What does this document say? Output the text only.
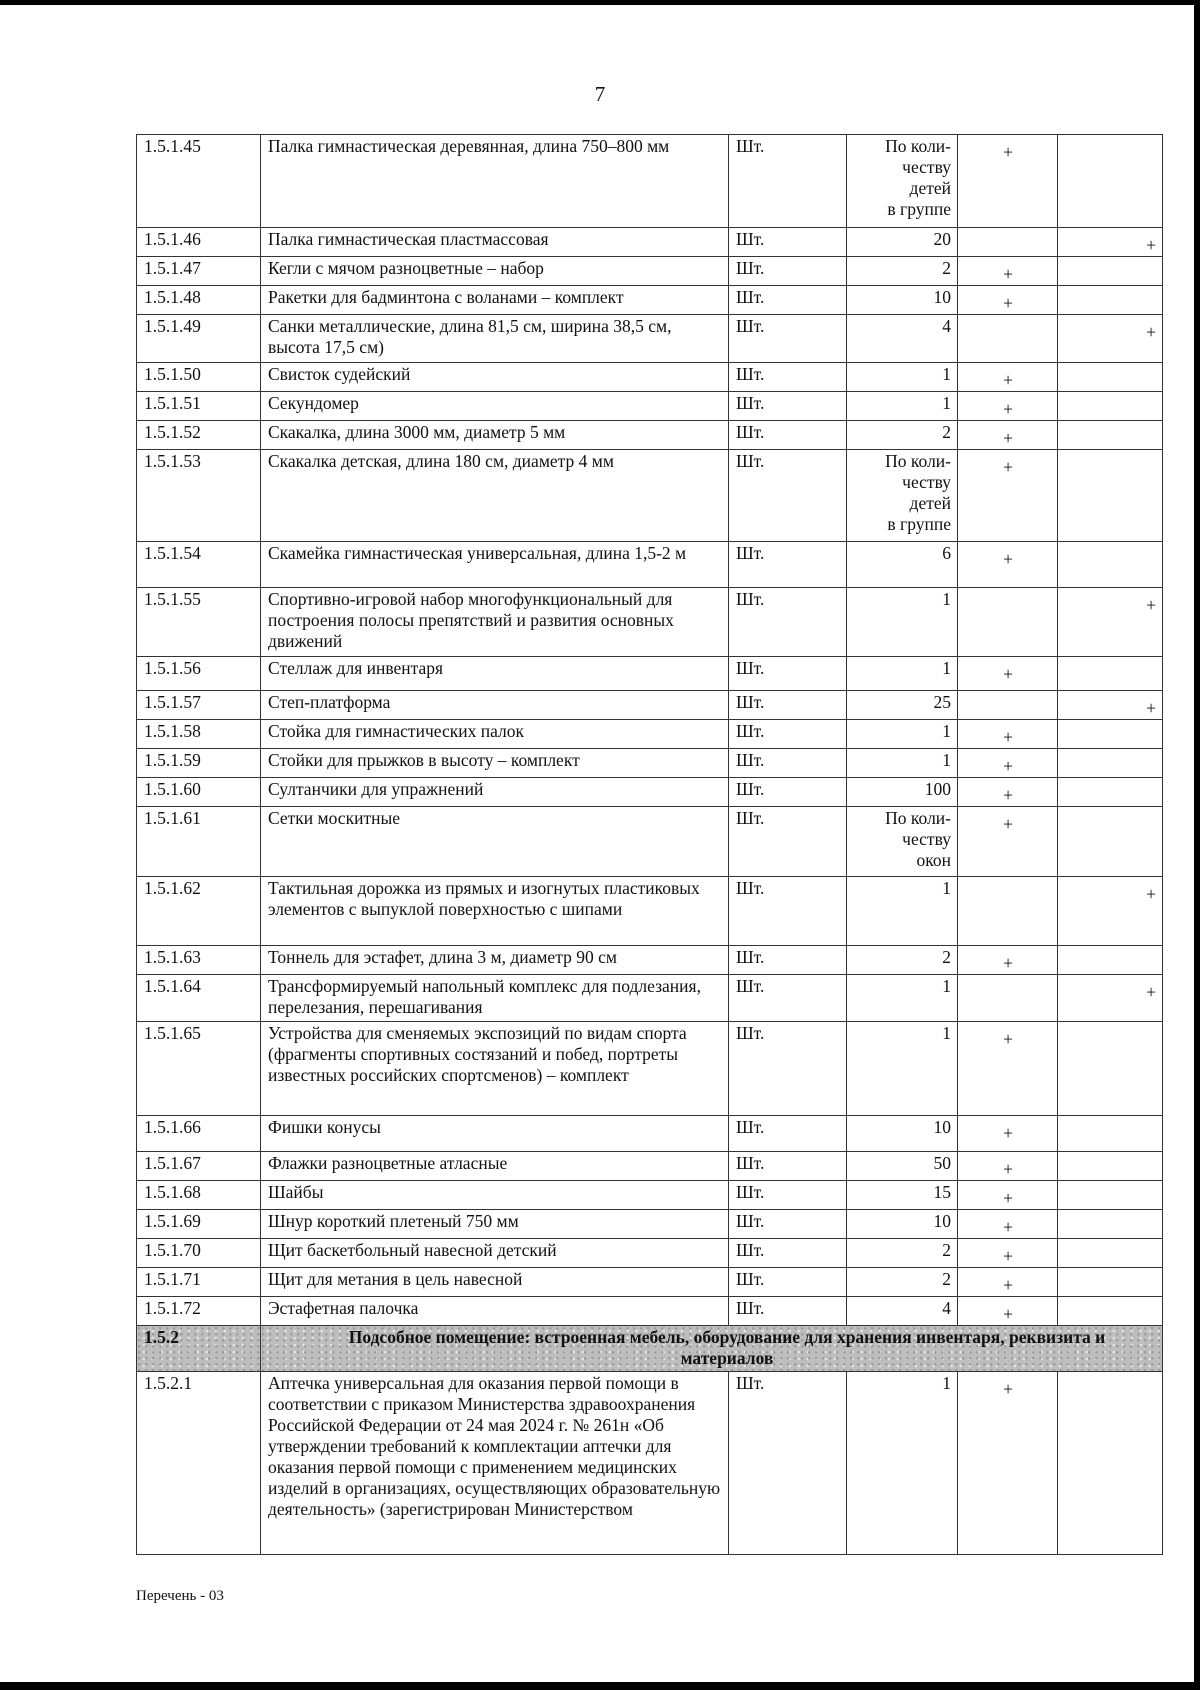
7
1.5.1.45	Палка гимнастическая деревянная, длина 750–800 мм	Шт.	По коли-
честву
детей
в группе	+	
1.5.1.46	Палка гимнастическая пластмассовая	Шт.	20		+
1.5.1.47	Кегли с мячом разноцветные – набор	Шт.	2	+	
1.5.1.48	Ракетки для бадминтона с воланами – комплект	Шт.	10	+	
1.5.1.49	Санки металлические, длина 81,5 см, ширина 38,5 см, высота 17,5 см)	Шт.	4		+
1.5.1.50	Свисток судейский	Шт.	1	+	
1.5.1.51	Секундомер	Шт.	1	+	
1.5.1.52	Скакалка, длина 3000 мм, диаметр 5 мм	Шт.	2	+	
1.5.1.53	Скакалка детская, длина 180 см, диаметр 4 мм	Шт.	По коли-
честву
детей
в группе	+	
1.5.1.54	Скамейка гимнастическая универсальная, длина 1,5-2 м	Шт.	6	+	
1.5.1.55	Спортивно-игровой набор многофункциональный для построения полосы препятствий и развития основных движений	Шт.	1		+
1.5.1.56	Стеллаж для инвентаря	Шт.	1	+	
1.5.1.57	Степ-платформа	Шт.	25		+
1.5.1.58	Стойка для гимнастических палок	Шт.	1	+	
1.5.1.59	Стойки для прыжков в высоту – комплект	Шт.	1	+	
1.5.1.60	Султанчики для упражнений	Шт.	100	+	
1.5.1.61	Сетки москитные	Шт.	По коли-
честву
окон	+	
1.5.1.62	Тактильная дорожка из прямых и изогнутых пластиковых элементов с выпуклой поверхностью с шипами	Шт.	1		+
1.5.1.63	Тоннель для эстафет, длина 3 м, диаметр 90 см	Шт.	2	+	
1.5.1.64	Трансформируемый напольный комплекс для подлезания, перелезания, перешагивания	Шт.	1		+
1.5.1.65	Устройства для сменяемых экспозиций по видам спорта (фрагменты спортивных состязаний и побед, портреты известных российских спортсменов) – комплект	Шт.	1	+	
1.5.1.66	Фишки конусы	Шт.	10	+	
1.5.1.67	Флажки разноцветные атласные	Шт.	50	+	
1.5.1.68	Шайбы	Шт.	15	+	
1.5.1.69	Шнур короткий плетеный 750 мм	Шт.	10	+	
1.5.1.70	Щит баскетбольный навесной детский	Шт.	2	+	
1.5.1.71	Щит для метания в цель навесной	Шт.	2	+	
1.5.1.72	Эстафетная палочка	Шт.	4	+	
1.5.2	Подсобное помещение: встроенная мебель, оборудование для хранения инвентаря, реквизита и материалов				

1.5.2.1	Аптечка универсальная для оказания первой помощи в соответствии с приказом Министерства здравоохранения Российской Федерации от 24 мая 2024 г. № 261н «Об утверждении требований к комплектации аптечки для оказания первой помощи с применением медицинских изделий в организациях, осуществляющих образовательную деятельность» (зарегистрирован Министерством	Шт.	1	+	
Перечень - 03
